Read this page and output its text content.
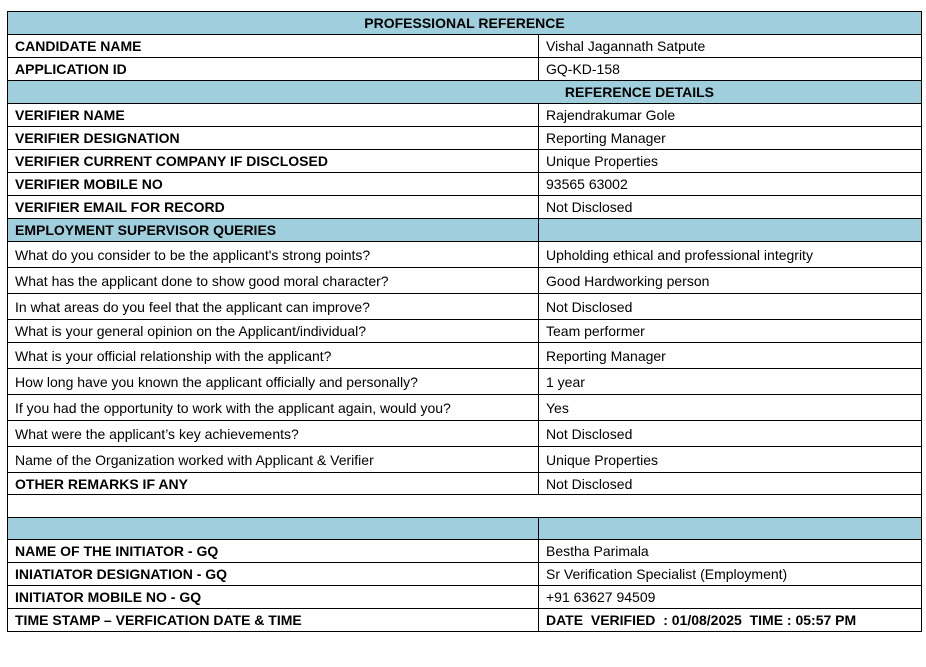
PROFESSIONAL REFERENCE	
CANDIDATE NAME	Vishal Jagannath Satpute
APPLICATION ID	GQ-KD-158
REFERENCE DETAILS	
VERIFIER NAME	Rajendrakumar Gole
VERIFIER DESIGNATION	Reporting Manager
VERIFIER CURRENT COMPANY IF DISCLOSED	Unique Properties
VERIFIER MOBILE NO	93565 63002
VERIFIER EMAIL FOR RECORD	Not Disclosed
EMPLOYMENT SUPERVISOR QUERIES	
What do you consider to be the applicant's strong points?	Upholding ethical and professional integrity
What has the applicant done to show good moral character?	Good Hardworking person
In what areas do you feel that the applicant can improve?	Not Disclosed
What is your general opinion on the Applicant/individual?	Team performer
What is your official relationship with the applicant?	Reporting Manager
How long have you known the applicant officially and personally?	1 year
If you had the opportunity to work with the applicant again, would you?	Yes
What were the applicant’s key achievements?	Not Disclosed
Name of the Organization worked with Applicant & Verifier	Unique Properties
OTHER REMARKS IF ANY	Not Disclosed

NAME OF THE INITIATOR - GQ	Bestha Parimala
INIATIATOR DESIGNATION - GQ	Sr Verification Specialist (Employment)
INITIATOR MOBILE NO - GQ	+91 63627 94509
TIME STAMP – VERFICATION DATE & TIME	DATE  VERIFIED  : 01/08/2025  TIME : 05:57 PM
